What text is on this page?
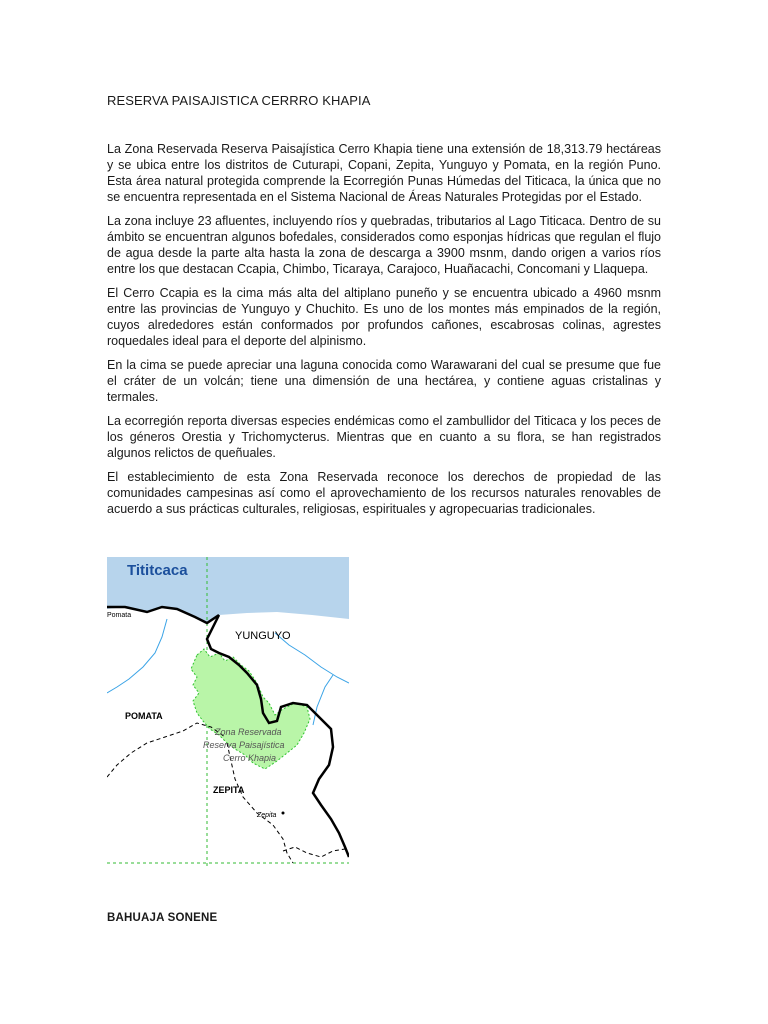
RESERVA PAISAJISTICA CERRRO KHAPIA

La Zona Reservada Reserva Paisajística Cerro Khapia tiene una extensión de 18,313.79 hectáreas y se ubica entre los distritos de Cuturapi, Copani, Zepita, Yunguyo y Pomata, en la región Puno. Esta área natural protegida comprende la Ecorregión Punas Húmedas del Titicaca, la única que no se encuentra representada en el Sistema Nacional de Áreas Naturales Protegidas por el Estado.

La zona incluye 23 afluentes, incluyendo ríos y quebradas, tributarios al Lago Titicaca. Dentro de su ámbito se encuentran algunos bofedales, considerados como esponjas hídricas que regulan el flujo de agua desde la parte alta hasta la zona de descarga a 3900 msnm, dando origen a varios ríos entre los que destacan Ccapia, Chimbo, Ticaraya, Carajoco, Huañacachi, Concomani y Llaquepa.

El Cerro Ccapia es la cima más alta del altiplano puneño y se encuentra ubicado a 4960 msnm entre las provincias de Yunguyo y Chuchito. Es uno de los montes más empinados de la región, cuyos alrededores están conformados por profundos cañones, escabrosas colinas, agrestes roquedales ideal para el deporte del alpinismo.

En la cima se puede apreciar una laguna conocida como Warawarani del cual se presume que fue el cráter de un volcán; tiene una dimensión de una hectárea, y contiene aguas cristalinas y termales.

La ecorregión reporta diversas especies endémicas como el zambullidor del Titicaca y los peces de los géneros Orestia y Trichomycterus. Mientras que en cuanto a su flora, se han registrados algunos relictos de queñuales.

El establecimiento de esta Zona Reservada reconoce los derechos de propiedad de las comunidades campesinas así como el aprovechamiento de los recursos naturales renovables de acuerdo a sus prácticas culturales, religiosas, espirituales y agropecuarias tradicionales.

Tititcaca
Pomata
YUNGUYO
POMATA
Zona Reservada
Reserva Paisajística
Cerro Khapia
ZEPITA
Zepita
BAHUAJA SONENE
